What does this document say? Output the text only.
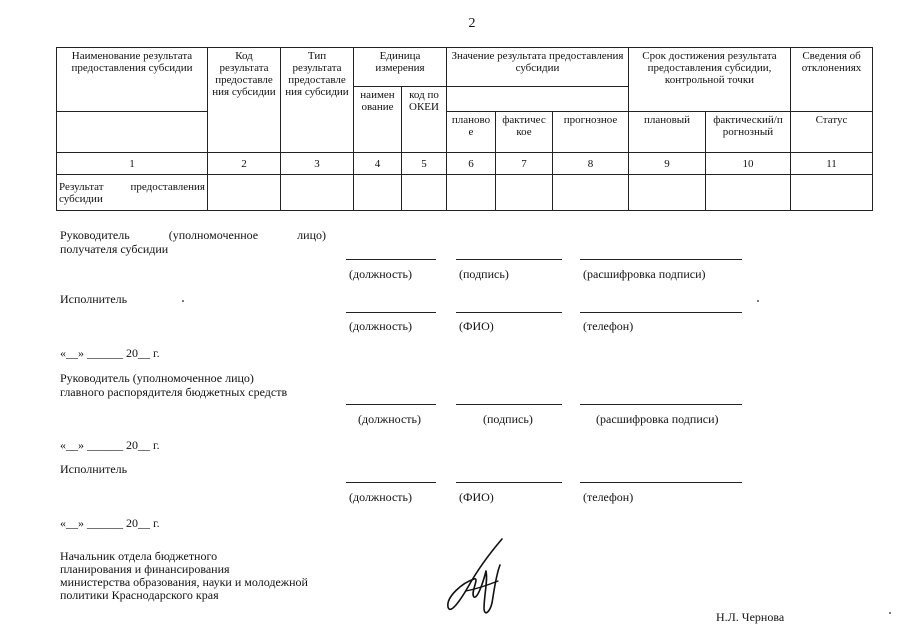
2
Наименование результата предоставления субсидии	Код результата предоставле ния субсидии	Тип результата предоставле ния субсидии	Единица измерения		Значение результата предоставления субсидии			Срок достижения результата предоставления субсидии, контрольной точки		Сведения об отклонениях
			наимен ование	код по ОКЕИ						
					планово е	фактичес кое	прогнозное	плановый	фактический/п рогнозный	Статус
1	2	3	4	5	6	7	8	9	10	11

Результат предоставления субсидии										

Руководитель (уполномоченное лицо)
получателя субсидии
(должность)	(подпись)	(расшифровка подписи)
Исполнитель
(должность)	(ФИО)	(телефон)
«__» ______ 20__ г.
Руководитель (уполномоченное лицо)
главного распорядителя бюджетных средств
(должность)	(подпись)	(расшифровка подписи)
«__» ______ 20__ г.
Исполнитель
(должность)	(ФИО)	(телефон)
«__» ______ 20__ г.
Начальник отдела бюджетного
планирования и финансирования
министерства образования, науки и молодежной
политики Краснодарского края
Н.Л. Чернова
